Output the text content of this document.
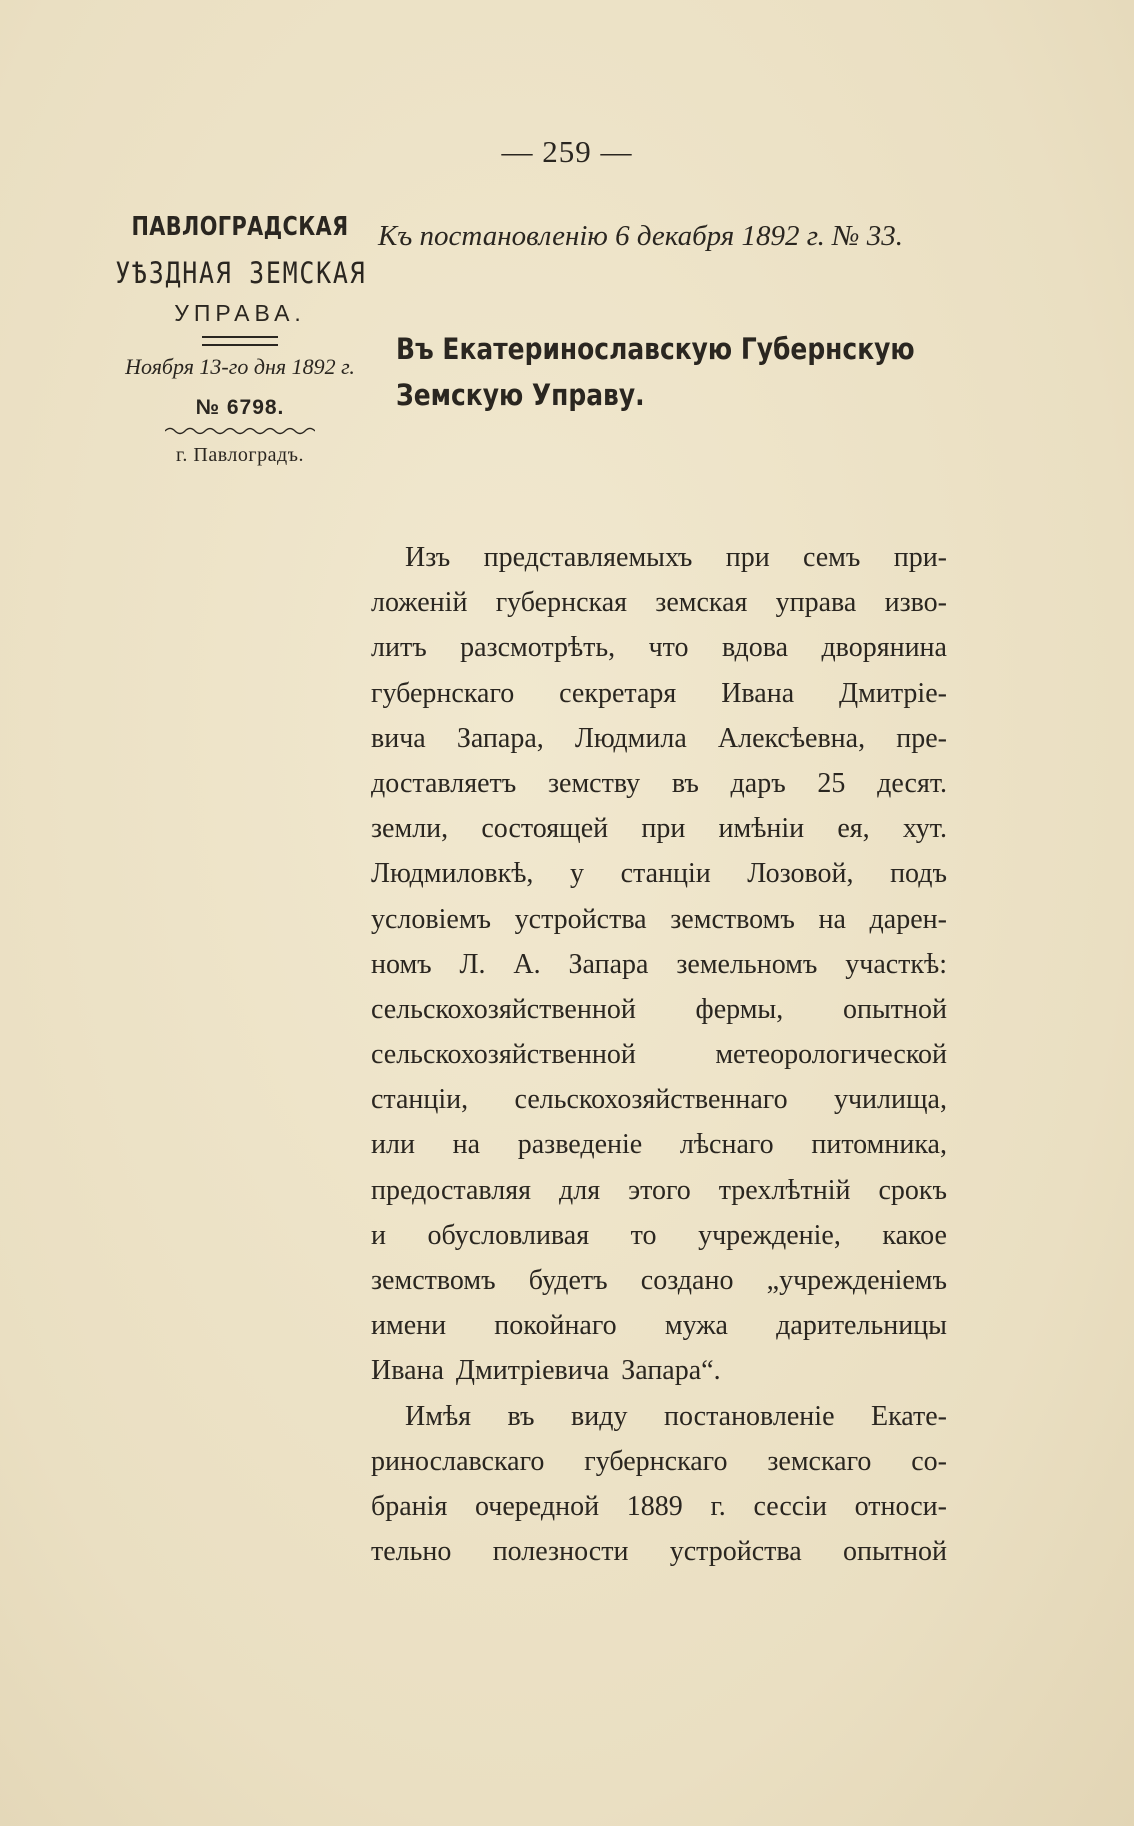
— 259 —
ПАВЛОГРАДСКАЯ
УѢЗДНАЯ ЗЕМСКАЯ
УПРАВА.
Ноября 13-го дня 1892 г.
№ 6798.
г. Павлоградъ.
Къ постановленію 6 декабря 1892 г. № 33.
Въ Екатеринославскую Губернскую
Земскую Управу.
Изъ представляемыхъ при семъ при-
ложеній губернская земская управа изво-
литъ разсмотрѣть, что вдова дворянина
губернскаго секретаря Ивана Дмитріе-
вича Запара, Людмила Алексѣевна, пре-
доставляетъ земству въ даръ 25 десят.
земли, состоящей при имѣніи ея, хут.
Людмиловкѣ, у станціи Лозовой, подъ
условіемъ устройства земствомъ на дарен-
номъ Л. А. Запара земельномъ участкѣ:
сельскохозяйственной фермы, опытной
сельскохозяйственной	метеорологической
станціи, сельскохозяйственнаго училища,
или на разведеніе лѣснаго питомника,
предоставляя для этого трехлѣтній срокъ
и обусловливая то учрежденіе, какое
земствомъ будетъ создано „учрежденіемъ
имени покойнаго мужа дарительницы
Ивана Дмитріевича Запара“.
Имѣя въ виду постановленіе Екате-
ринославскаго губернскаго земскаго со-
бранія очередной 1889 г. сессіи относи-
тельно полезности устройства опытной
